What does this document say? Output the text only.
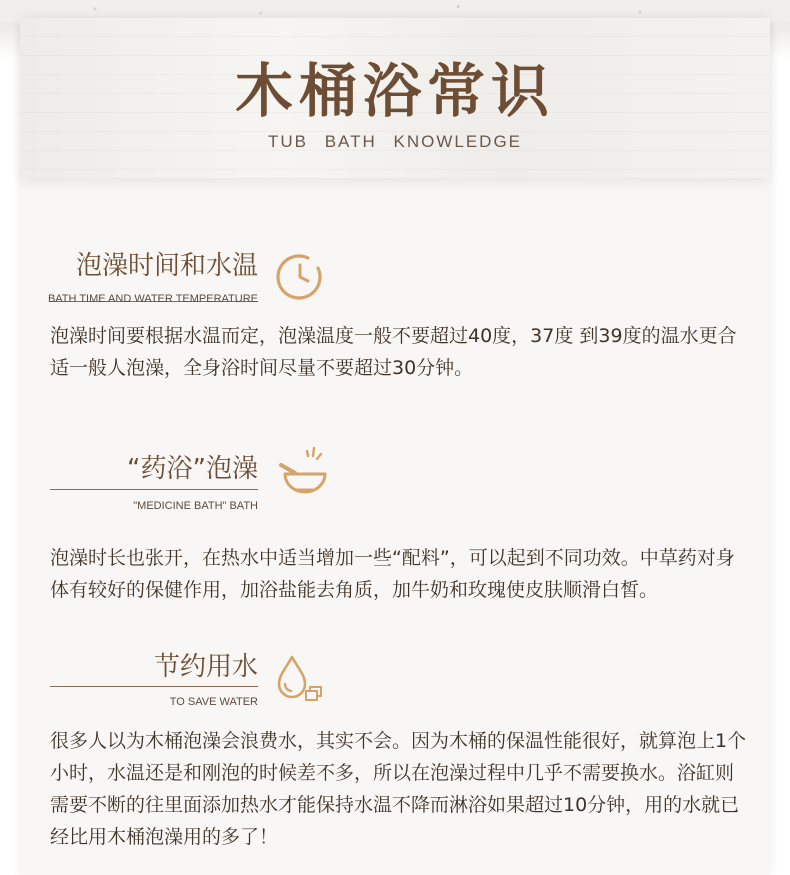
木桶浴常识
TUB BATH KNOWLEDGE
泡澡时间和水温
BATH TIME AND WATER TEMPERATURE
泡澡时间要根据水温而定，泡澡温度一般不要超过40度，37度 到39度的温水更合适一般人泡澡，全身浴时间尽量不要超过30分钟。
“药浴”泡澡
"MEDICINE BATH" BATH
泡澡时长也张开，在热水中适当增加一些“配料”，可以起到不同功效。中草药对身体有较好的保健作用，加浴盐能去角质，加牛奶和玫瑰使皮肤顺滑白皙。
节约用水
TO SAVE WATER
很多人以为木桶泡澡会浪费水，其实不会。因为木桶的保温性能很好，就算泡上1个小时，水温还是和刚泡的时候差不多，所以在泡澡过程中几乎不需要换水。浴缸则需要不断的往里面添加热水才能保持水温不降而淋浴如果超过10分钟，用的水就已经比用木桶泡澡用的多了！
